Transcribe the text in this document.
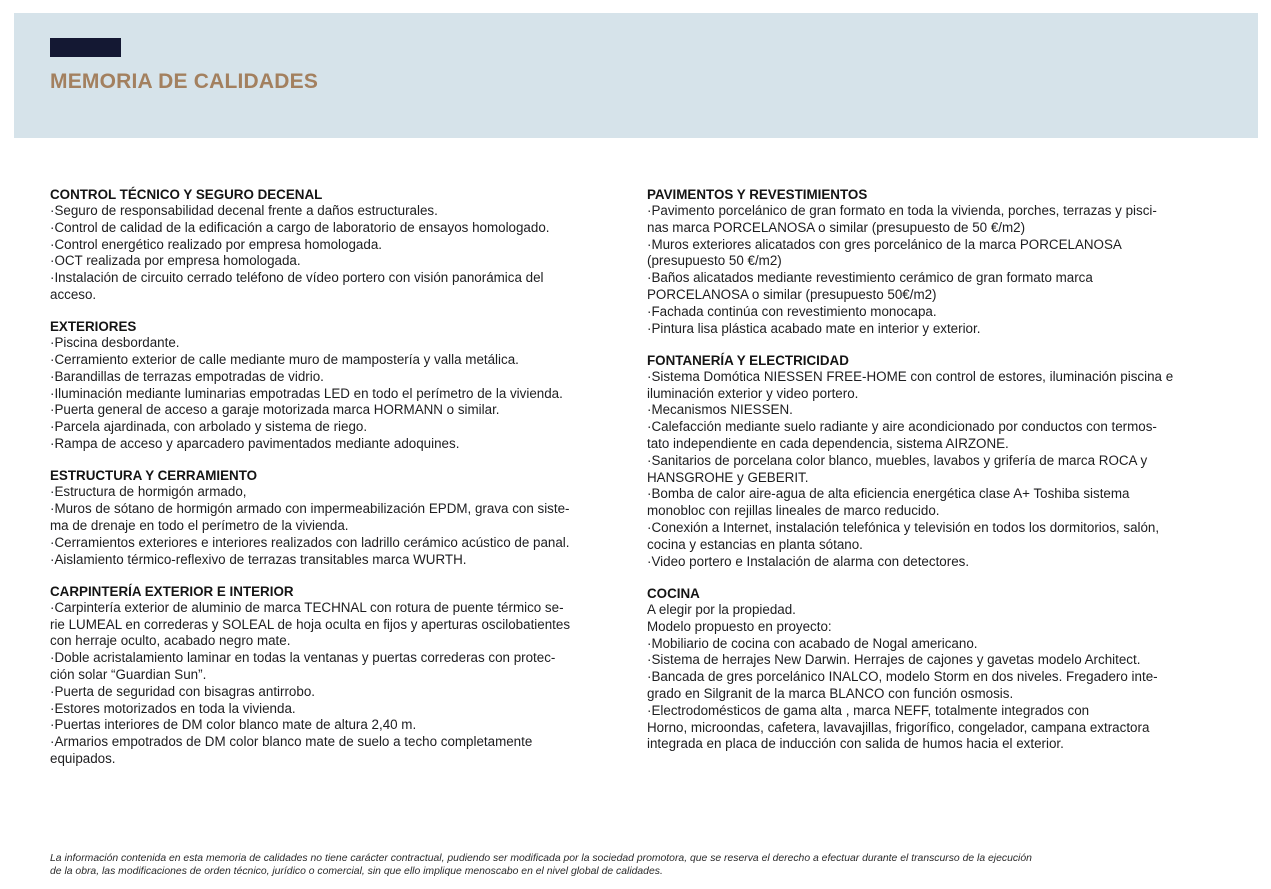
MEMORIA DE CALIDADES
CONTROL TÉCNICO Y SEGURO DECENAL

·Seguro de responsabilidad decenal frente a daños estructurales.

·Control de calidad de la edificación a cargo de laboratorio de ensayos homologado.

·Control energético realizado por empresa homologada.

·OCT realizada por empresa homologada.

·Instalación de circuito cerrado teléfono de vídeo portero con visión panorámica del

acceso.

EXTERIORES

·Piscina desbordante.

·Cerramiento exterior de calle mediante muro de mampostería y valla metálica.

·Barandillas de terrazas empotradas de vidrio.

·Iluminación mediante luminarias empotradas LED en todo el perímetro de la vivienda.

·Puerta general de acceso a garaje motorizada marca HORMANN o similar.

·Parcela ajardinada, con arbolado y sistema de riego.

·Rampa de acceso y aparcadero pavimentados mediante adoquines.

ESTRUCTURA Y CERRAMIENTO

·Estructura de hormigón armado,

·Muros de sótano de hormigón armado con impermeabilización EPDM, grava con siste-

ma de drenaje en todo el perímetro de la vivienda.

·Cerramientos exteriores e interiores realizados con ladrillo cerámico acústico de panal.

·Aislamiento térmico-reflexivo de terrazas transitables marca WURTH.

CARPINTERÍA EXTERIOR E INTERIOR

·Carpintería exterior de aluminio de marca TECHNAL con rotura de puente térmico se-

rie LUMEAL en correderas y SOLEAL de hoja oculta en fijos y aperturas oscilobatientes

con herraje oculto, acabado negro mate.

·Doble acristalamiento laminar en todas la ventanas y puertas correderas con protec-

ción solar “Guardian Sun”.

·Puerta de seguridad con bisagras antirrobo.

·Estores motorizados en toda la vivienda.

·Puertas interiores de DM color blanco mate de altura 2,40 m.

·Armarios empotrados de DM color blanco mate de suelo a techo completamente

equipados.

PAVIMENTOS Y REVESTIMIENTOS

·Pavimento porcelánico de gran formato en toda la vivienda, porches, terrazas y pisci-

nas marca PORCELANOSA o similar (presupuesto de 50 €/m2)

·Muros exteriores alicatados con gres porcelánico de la marca PORCELANOSA

(presupuesto 50 €/m2)

·Baños alicatados mediante revestimiento cerámico de gran formato marca

PORCELANOSA o similar (presupuesto 50€/m2)

·Fachada continúa con revestimiento monocapa.

·Pintura lisa plástica acabado mate en interior y exterior.

FONTANERÍA Y ELECTRICIDAD

·Sistema Domótica NIESSEN FREE-HOME con control de estores, iluminación piscina e

iluminación exterior y video portero.

·Mecanismos NIESSEN.

·Calefacción mediante suelo radiante y aire acondicionado por conductos con termos-

tato independiente en cada dependencia, sistema AIRZONE.

·Sanitarios de porcelana color blanco, muebles, lavabos y grifería de marca ROCA y

HANSGROHE y GEBERIT.

·Bomba de calor aire-agua de alta eficiencia energética clase A+ Toshiba sistema

monobloc con rejillas lineales de marco reducido.

·Conexión a Internet, instalación telefónica y televisión en todos los dormitorios, salón,

cocina y estancias en planta sótano.

·Video portero e Instalación de alarma con detectores.

COCINA

A elegir por la propiedad.

Modelo propuesto en proyecto:

·Mobiliario de cocina con acabado de Nogal americano.

·Sistema de herrajes New Darwin. Herrajes de cajones y gavetas modelo Architect.

·Bancada de gres porcelánico INALCO, modelo Storm en dos niveles. Fregadero inte-

grado en Silgranit de la marca BLANCO con función osmosis.

·Electrodomésticos de gama alta , marca NEFF, totalmente integrados con

Horno, microondas, cafetera, lavavajillas, frigorífico, congelador, campana extractora

integrada en placa de inducción con salida de humos hacia el exterior.

La información contenida en esta memoria de calidades no tiene carácter contractual, pudiendo ser modificada por la sociedad promotora, que se reserva el derecho a efectuar durante el transcurso de la ejecución

de la obra, las modificaciones de orden técnico, jurídico o comercial, sin que ello implique menoscabo en el nivel global de calidades.
